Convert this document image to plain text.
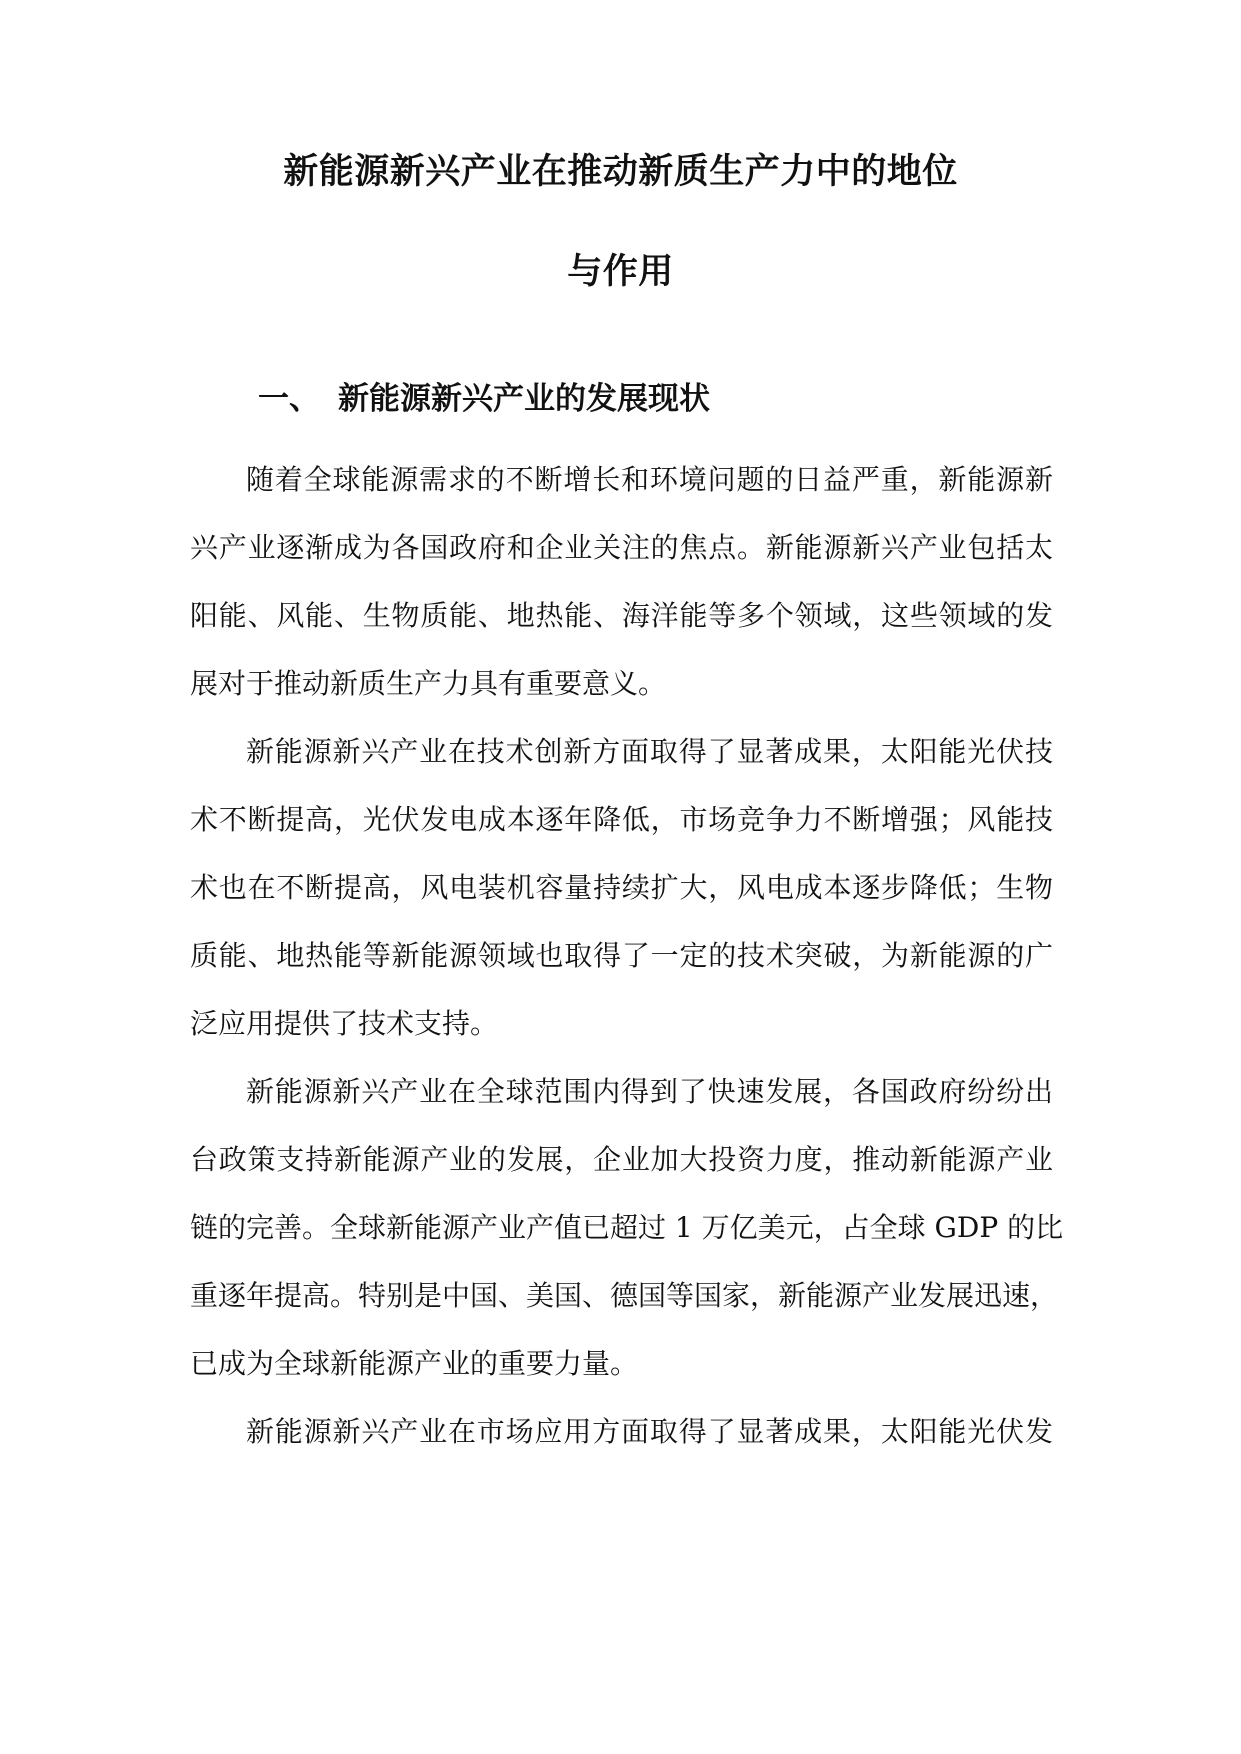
新能源新兴产业在推动新质生产力中的地位
与作用
一、 新能源新兴产业的发展现状
随着全球能源需求的不断增长和环境问题的日益严重，新能源新
兴产业逐渐成为各国政府和企业关注的焦点。新能源新兴产业包括太
阳能、风能、生物质能、地热能、海洋能等多个领域，这些领域的发
展对于推动新质生产力具有重要意义。
新能源新兴产业在技术创新方面取得了显著成果，太阳能光伏技
术不断提高，光伏发电成本逐年降低，市场竞争力不断增强；风能技
术也在不断提高，风电装机容量持续扩大，风电成本逐步降低；生物
质能、地热能等新能源领域也取得了一定的技术突破，为新能源的广
泛应用提供了技术支持。
新能源新兴产业在全球范围内得到了快速发展，各国政府纷纷出
台政策支持新能源产业的发展，企业加大投资力度，推动新能源产业
链的完善。全球新能源产业产值已超过 1 万亿美元，占全球 GDP 的比
重逐年提高。特别是中国、美国、德国等国家，新能源产业发展迅速，
已成为全球新能源产业的重要力量。
新能源新兴产业在市场应用方面取得了显著成果，太阳能光伏发
